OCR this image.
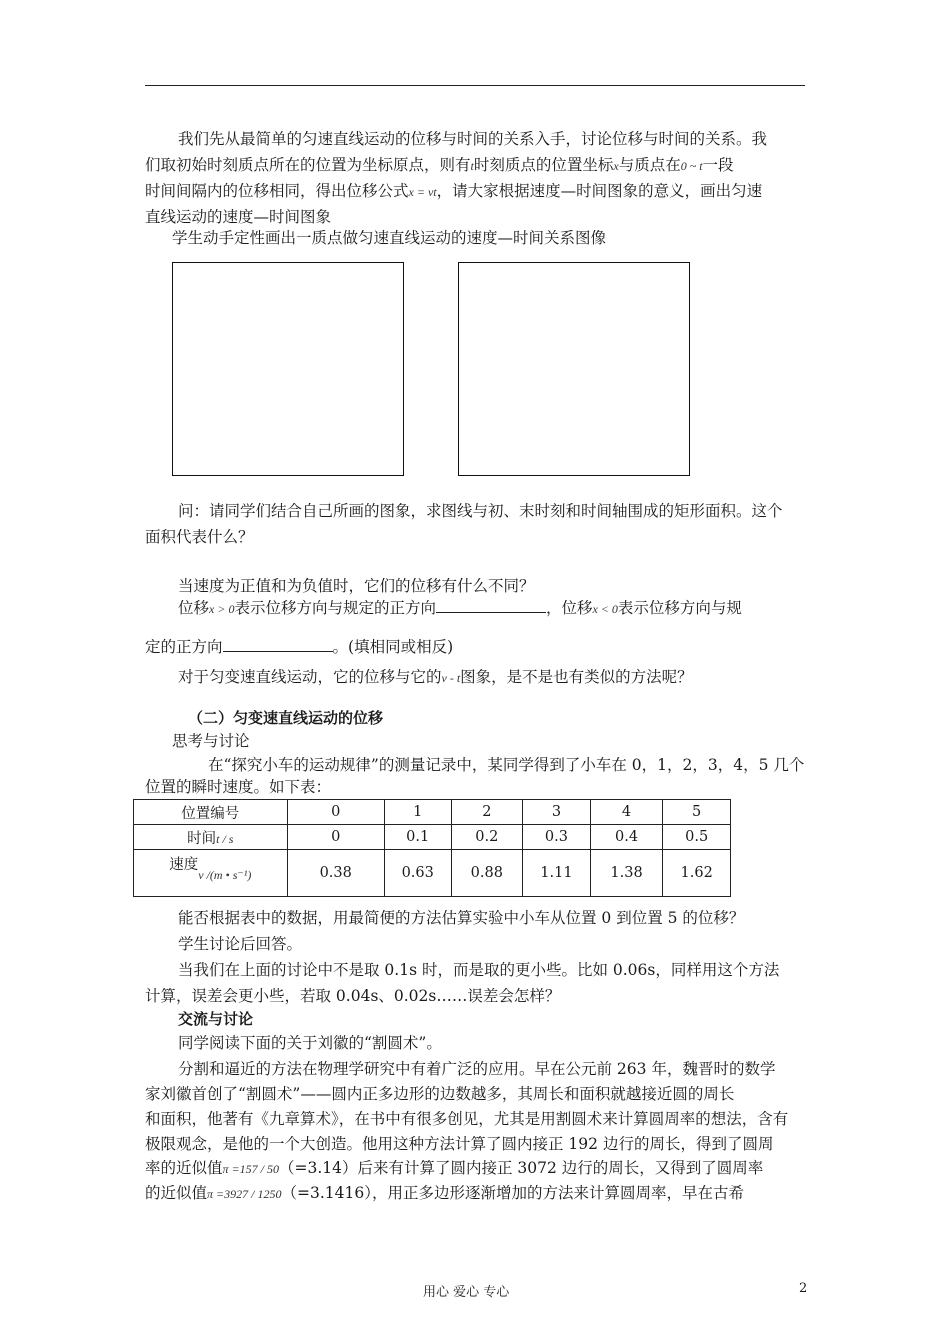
我们先从最简单的匀速直线运动的位移与时间的关系入手，讨论位移与时间的关系。我
们取初始时刻质点所在的位置为坐标原点，则有t时刻质点的位置坐标x与质点在0 ~ t一段
时间间隔内的位移相同，得出位移公式x = vt，请大家根据速度—时间图象的意义，画出匀速
直线运动的速度—时间图象
学生动手定性画出一质点做匀速直线运动的速度—时间关系图像
问：请同学们结合自己所画的图象，求图线与初、末时刻和时间轴围成的矩形面积。这个
面积代表什么？
当速度为正值和为负值时，它们的位移有什么不同？
位移x > 0表示位移方向与规定的正方向	，位移x < 0表示位移方向与规
定的正方向	。(填相同或相反)
对于匀变速直线运动，它的位移与它的v - t图象，是不是也有类似的方法呢？
（二）匀变速直线运动的位移
思考与讨论
在“探究小车的运动规律”的测量记录中，某同学得到了小车在 0，1，2，3，4，5 几个
位置的瞬时速度。如下表：
位置编号	0	1	2	3	4	5
时间t / s	0	0.1	0.2	0.3	0.4	0.5
速度v /(m • s⁻¹)	0.38	0.63	0.88	1.11	1.38	1.62
能否根据表中的数据，用最简便的方法估算实验中小车从位置 0 到位置 5 的位移？
学生讨论后回答。
当我们在上面的讨论中不是取 0.1s 时，而是取的更小些。比如 0.06s，同样用这个方法
计算，误差会更小些，若取 0.04s、0.02s……误差会怎样？
交流与讨论
同学阅读下面的关于刘徽的“割圆术”。
分割和逼近的方法在物理学研究中有着广泛的应用。早在公元前 263 年，魏晋时的数学
家刘徽首创了“割圆术”——圆内正多边形的边数越多，其周长和面积就越接近圆的周长
和面积，他著有《九章算术》，在书中有很多创见，尤其是用割圆术来计算圆周率的想法，含有
极限观念，是他的一个大创造。他用这种方法计算了圆内接正 192 边行的周长，得到了圆周
率的近似值π =157 / 50（=3.14）后来有计算了圆内接正 3072 边行的周长，又得到了圆周率
的近似值π =3927 / 1250（=3.1416），用正多边形逐渐增加的方法来计算圆周率，早在古希
用心 爱心 专心	2
